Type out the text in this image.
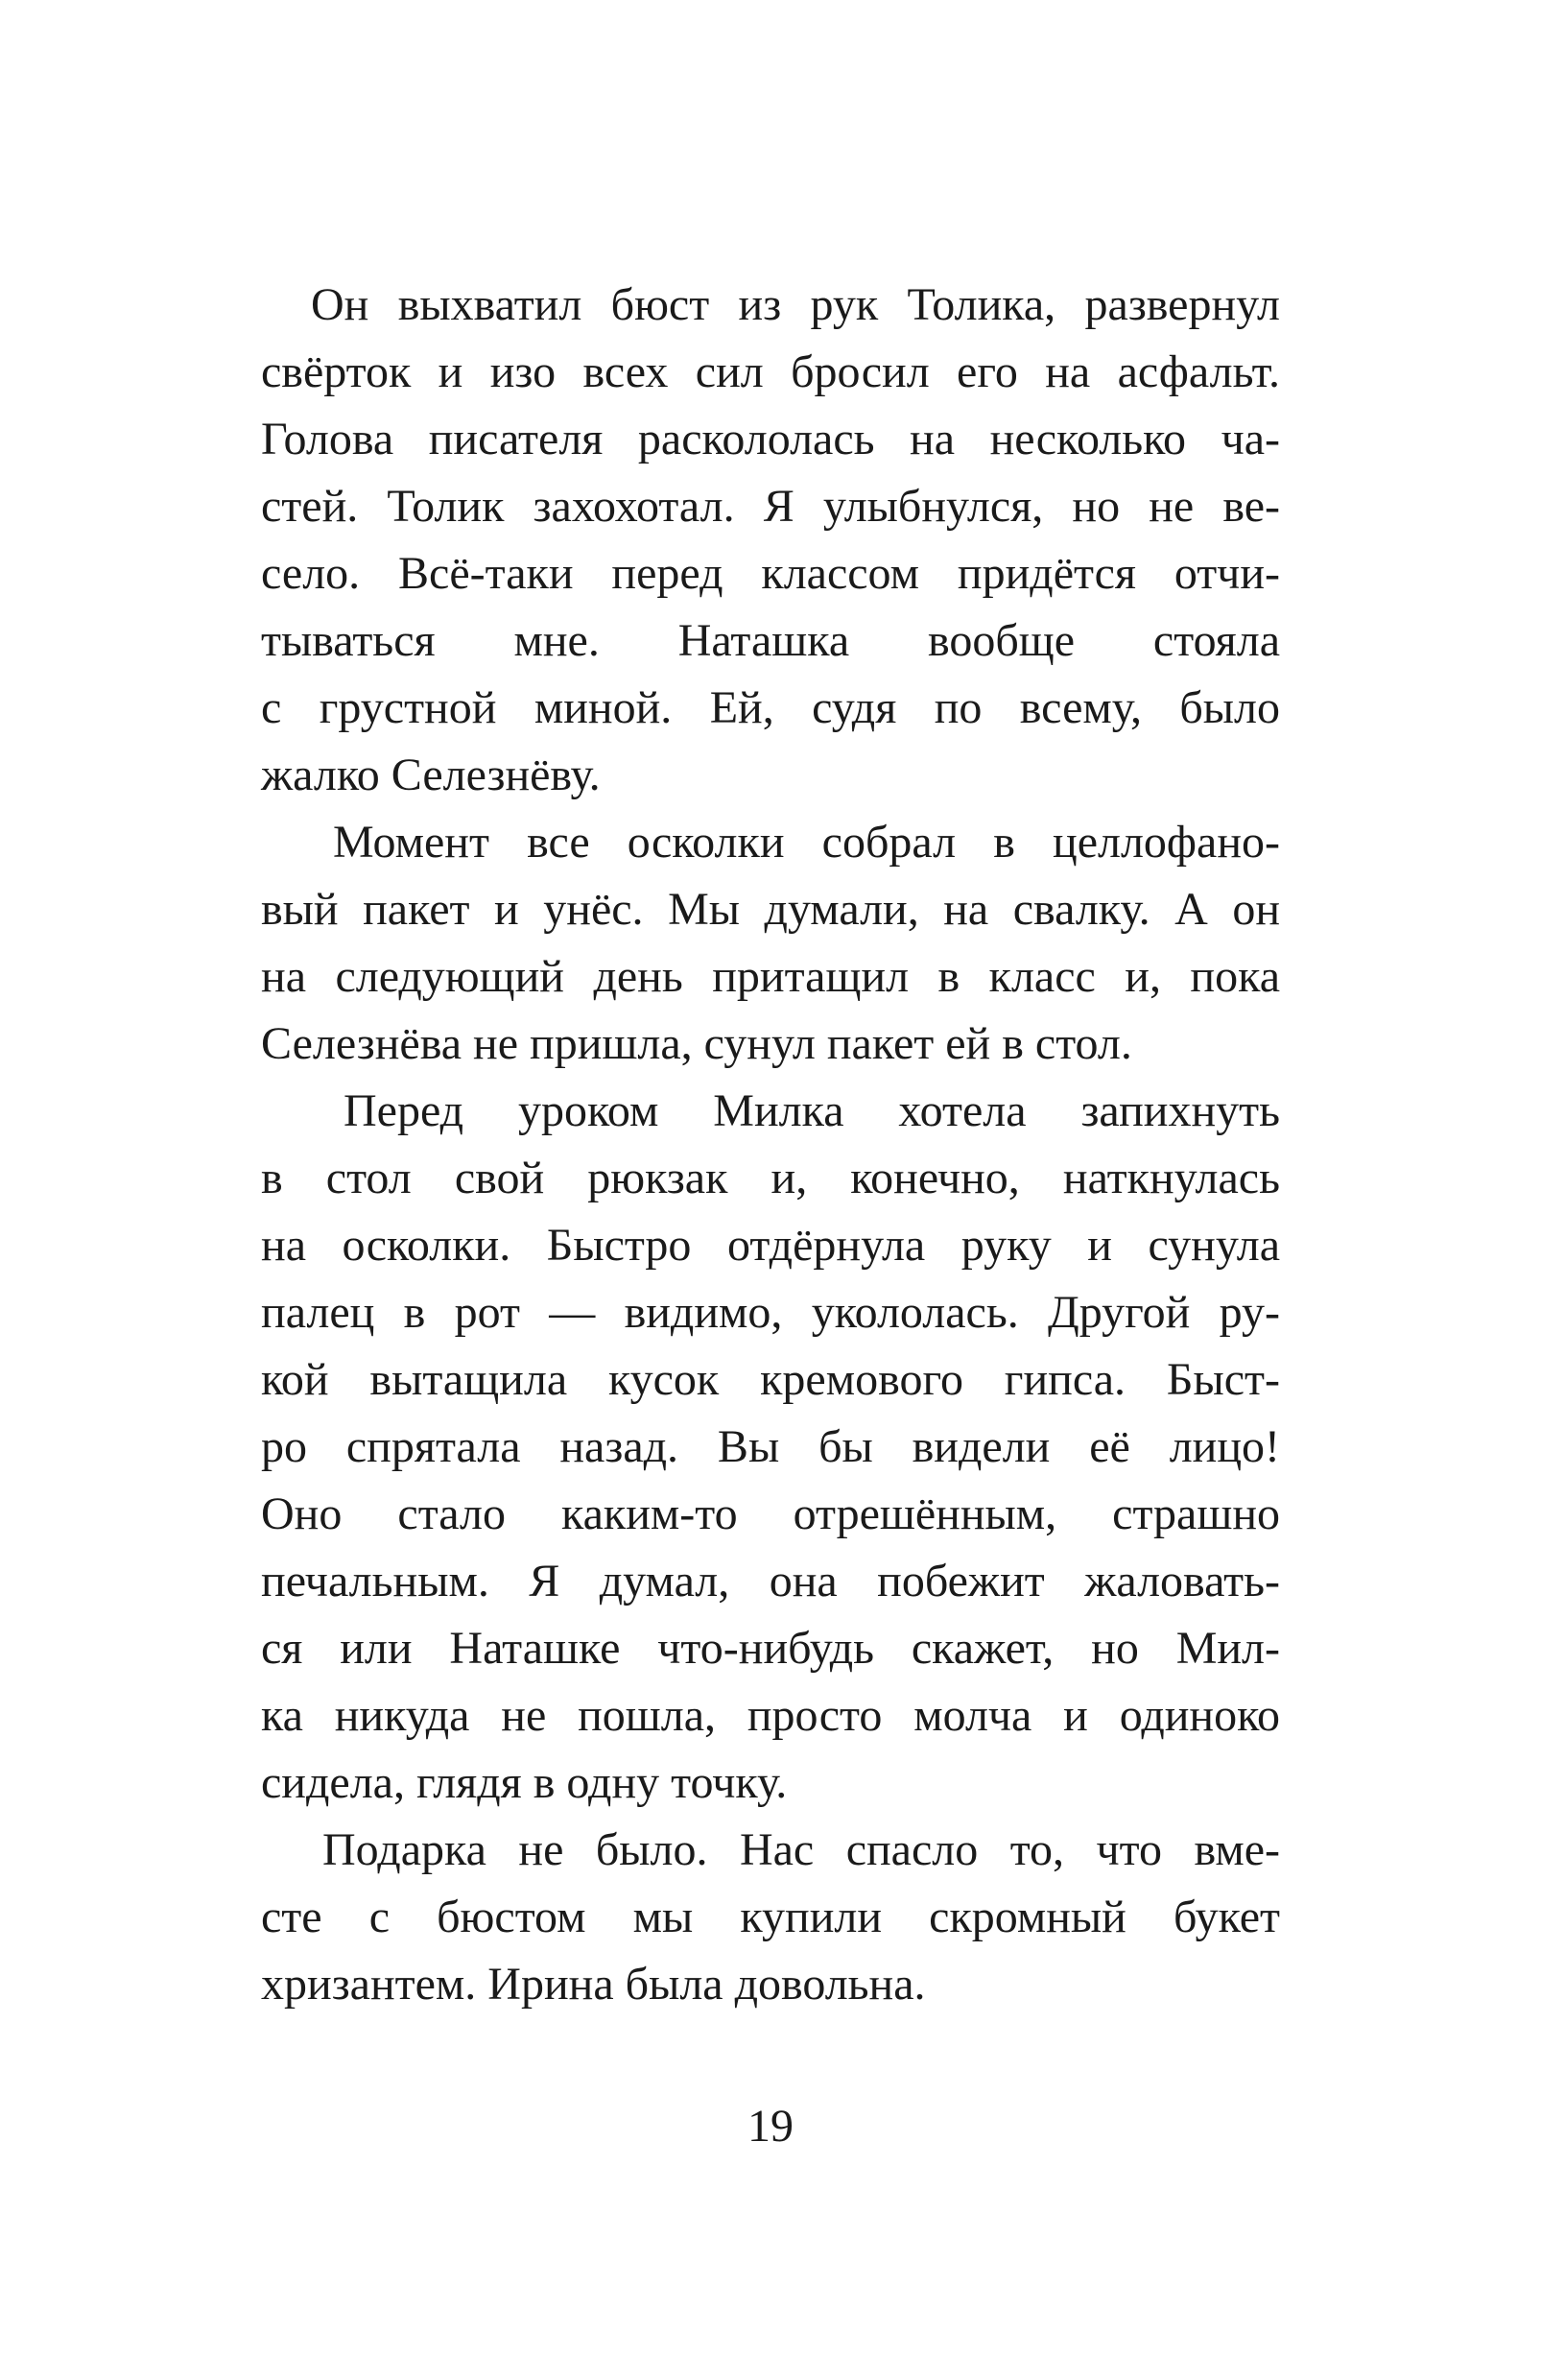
Он выхватил бюст из рук Толика, развернул
свёрток и изо всех сил бросил его на асфальт.
Голова писателя раскололась на несколько ча-
стей. Толик захохотал. Я улыбнулся, но не ве-
село. Всё-таки перед классом придётся отчи-
тываться мне. Наташка вообще стояла
с грустной миной. Ей, судя по всему, было
жалко Селезнёву.
Момент все осколки собрал в целлофано-
вый пакет и унёс. Мы думали, на свалку. А он
на следующий день притащил в класс и, пока
Селезнёва не пришла, сунул пакет ей в стол.
Перед уроком Милка хотела запихнуть
в стол свой рюкзак и, конечно, наткнулась
на осколки. Быстро отдёрнула руку и сунула
палец в рот — видимо, укололась. Другой ру-
кой вытащила кусок кремового гипса. Быст-
ро спрятала назад. Вы бы видели её лицо!
Оно стало каким-то отрешённым, страшно
печальным. Я думал, она побежит жаловать-
ся или Наташке что-нибудь скажет, но Мил-
ка никуда не пошла, просто молча и одиноко
сидела, глядя в одну точку.
Подарка не было. Нас спасло то, что вме-
сте с бюстом мы купили скромный букет
хризантем. Ирина была довольна.
19
